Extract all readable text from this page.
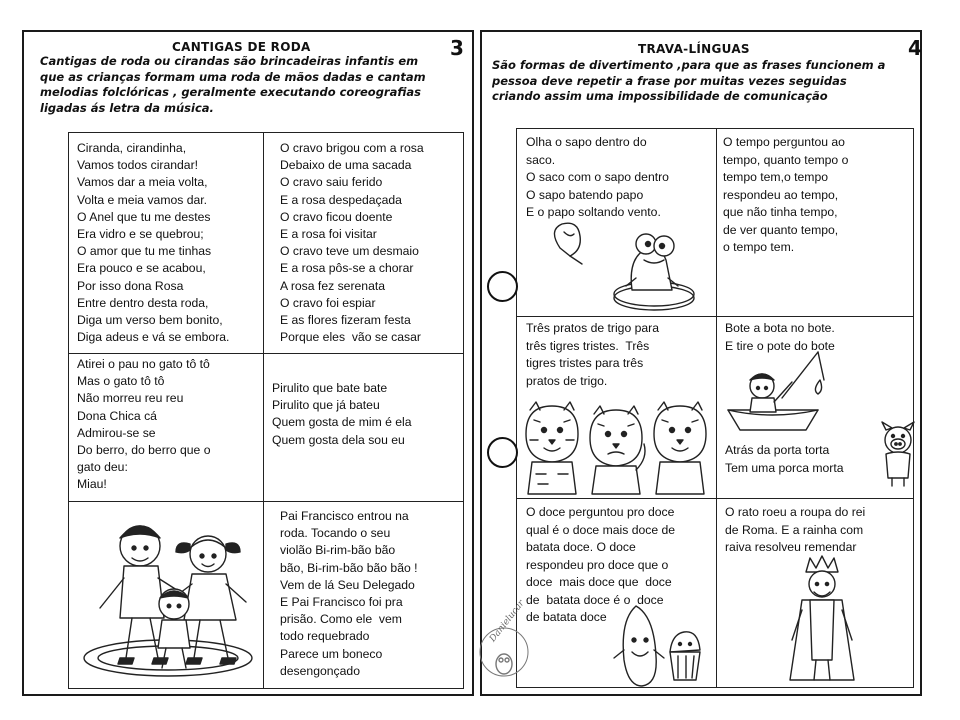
3
CANTIGAS DE RODA
Cantigas de roda ou cirandas são brincadeiras infantis em
que as crianças formam uma roda de mãos dadas e cantam
melodias folclóricas , geralmente executando coreografias
ligadas ás letra da música.
Ciranda, cirandinha,
Vamos todos cirandar!
Vamos dar a meia volta,
Volta e meia vamos dar.
O Anel que tu me destes
Era vidro e se quebrou;
O amor que tu me tinhas
Era pouco e se acabou,
Por isso dona Rosa
Entre dentro desta roda,
Diga um verso bem bonito,
Diga adeus e vá se embora.
O cravo brigou com a rosa
Debaixo de uma sacada
O cravo saiu ferido
E a rosa despedaçada
O cravo ficou doente
E a rosa foi visitar
O cravo teve um desmaio
E a rosa pôs-se a chorar
A rosa fez serenata
O cravo foi espiar
E as flores fizeram festa
Porque eles  vão se casar
Atirei o pau no gato tô tô
Mas o gato tô tô
Não morreu reu reu
Dona Chica cá
Admirou-se se
Do berro, do berro que o
gato deu:
Miau!
Pirulito que bate bate
Pirulito que já bateu
Quem gosta de mim é ela
Quem gosta dela sou eu
Pai Francisco entrou na
roda. Tocando o seu
violão Bi-rim-bão bão
bão, Bi-rim-bão bão bão !
Vem de lá Seu Delegado
E Pai Francisco foi pra
prisão. Como ele  vem
todo requebrado
Parece um boneco
desengonçado
4
TRAVA-LÍNGUAS
São formas de divertimento ,para que as frases funcionem a
pessoa deve repetir a frase por muitas vezes seguidas
criando assim uma impossibilidade de comunicação
Olha o sapo dentro do
saco.
O saco com o sapo dentro
O sapo batendo papo
E o papo soltando vento.
O tempo perguntou ao
tempo, quanto tempo o
tempo tem,o tempo
respondeu ao tempo,
que não tinha tempo,
de ver quanto tempo,
o tempo tem.
Três pratos de trigo para
três tigres tristes.  Três
tigres tristes para três
pratos de trigo.
Bote a bota no bote.
E tire o pote do bote
Atrás da porta torta
Tem uma porca morta
O doce perguntou pro doce
qual é o doce mais doce de
batata doce. O doce
respondeu pro doce que o
doce  mais doce que  doce
de  batata doce é o  doce
de batata doce
O rato roeu a roupa do rei
de Roma. E a rainha com
raiva resolveu remendar
Danielucar
